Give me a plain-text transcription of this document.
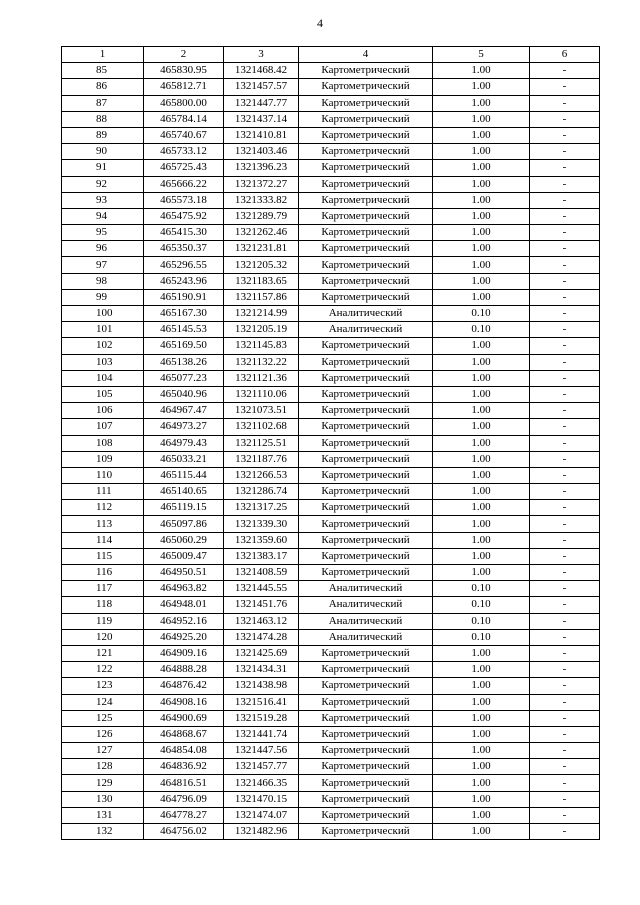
4
1	2	3	4	5	6
85	465830.95	1321468.42	Картометрический	1.00	-
86	465812.71	1321457.57	Картометрический	1.00	-
87	465800.00	1321447.77	Картометрический	1.00	-
88	465784.14	1321437.14	Картометрический	1.00	-
89	465740.67	1321410.81	Картометрический	1.00	-
90	465733.12	1321403.46	Картометрический	1.00	-
91	465725.43	1321396.23	Картометрический	1.00	-
92	465666.22	1321372.27	Картометрический	1.00	-
93	465573.18	1321333.82	Картометрический	1.00	-
94	465475.92	1321289.79	Картометрический	1.00	-
95	465415.30	1321262.46	Картометрический	1.00	-
96	465350.37	1321231.81	Картометрический	1.00	-
97	465296.55	1321205.32	Картометрический	1.00	-
98	465243.96	1321183.65	Картометрический	1.00	-
99	465190.91	1321157.86	Картометрический	1.00	-
100	465167.30	1321214.99	Аналитический	0.10	-
101	465145.53	1321205.19	Аналитический	0.10	-
102	465169.50	1321145.83	Картометрический	1.00	-
103	465138.26	1321132.22	Картометрический	1.00	-
104	465077.23	1321121.36	Картометрический	1.00	-
105	465040.96	1321110.06	Картометрический	1.00	-
106	464967.47	1321073.51	Картометрический	1.00	-
107	464973.27	1321102.68	Картометрический	1.00	-
108	464979.43	1321125.51	Картометрический	1.00	-
109	465033.21	1321187.76	Картометрический	1.00	-
110	465115.44	1321266.53	Картометрический	1.00	-
111	465140.65	1321286.74	Картометрический	1.00	-
112	465119.15	1321317.25	Картометрический	1.00	-
113	465097.86	1321339.30	Картометрический	1.00	-
114	465060.29	1321359.60	Картометрический	1.00	-
115	465009.47	1321383.17	Картометрический	1.00	-
116	464950.51	1321408.59	Картометрический	1.00	-
117	464963.82	1321445.55	Аналитический	0.10	-
118	464948.01	1321451.76	Аналитический	0.10	-
119	464952.16	1321463.12	Аналитический	0.10	-
120	464925.20	1321474.28	Аналитический	0.10	-
121	464909.16	1321425.69	Картометрический	1.00	-
122	464888.28	1321434.31	Картометрический	1.00	-
123	464876.42	1321438.98	Картометрический	1.00	-
124	464908.16	1321516.41	Картометрический	1.00	-
125	464900.69	1321519.28	Картометрический	1.00	-
126	464868.67	1321441.74	Картометрический	1.00	-
127	464854.08	1321447.56	Картометрический	1.00	-
128	464836.92	1321457.77	Картометрический	1.00	-
129	464816.51	1321466.35	Картометрический	1.00	-
130	464796.09	1321470.15	Картометрический	1.00	-
131	464778.27	1321474.07	Картометрический	1.00	-
132	464756.02	1321482.96	Картометрический	1.00	-
